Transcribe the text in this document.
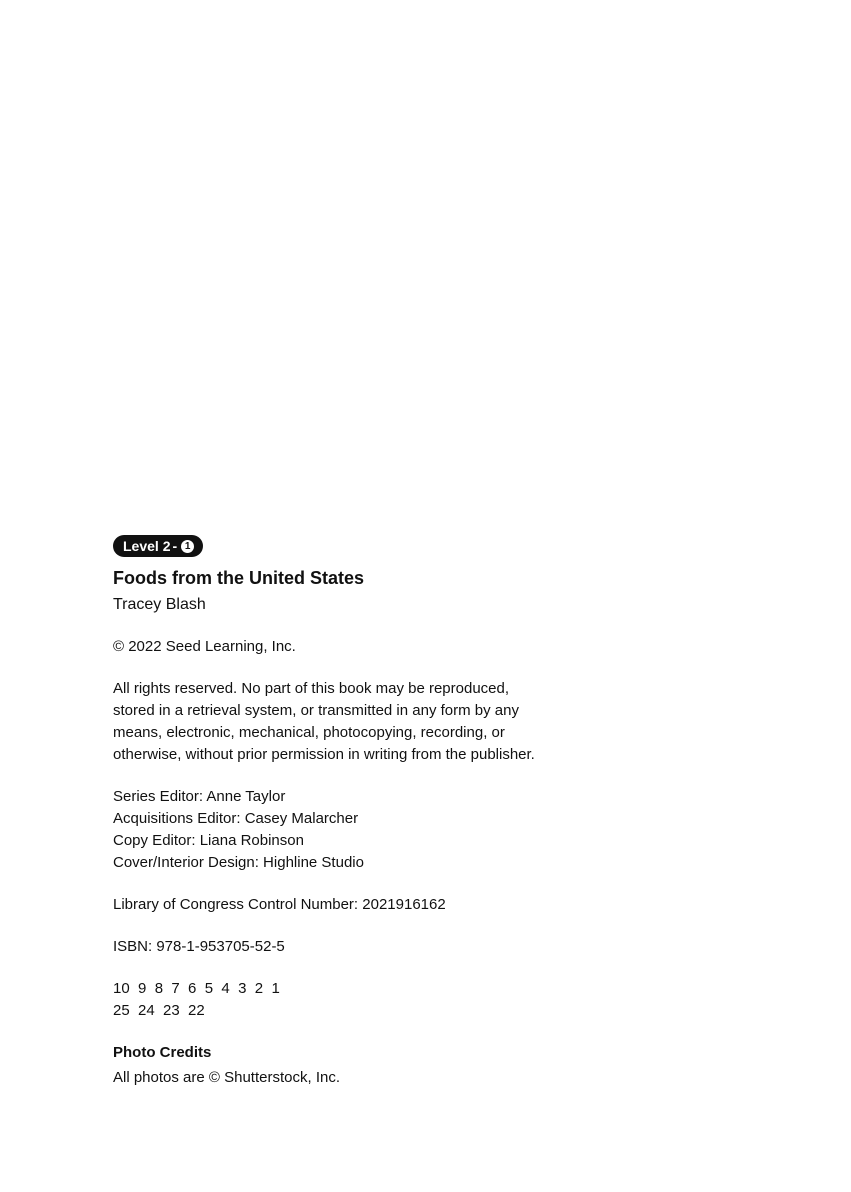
Level 2 - 1
Foods from the United States
Tracey Blash
© 2022 Seed Learning, Inc.
All rights reserved. No part of this book may be reproduced,
stored in a retrieval system, or transmitted in any form by any
means, electronic, mechanical, photocopying, recording, or
otherwise, without prior permission in writing from the publisher.
Series Editor: Anne Taylor
Acquisitions Editor: Casey Malarcher
Copy Editor: Liana Robinson
Cover/Interior Design: Highline Studio
Library of Congress Control Number: 2021916162
ISBN: 978-1-953705-52-5
10  9  8  7  6  5  4  3  2  1
25  24  23  22
Photo Credits
All photos are © Shutterstock, Inc.
